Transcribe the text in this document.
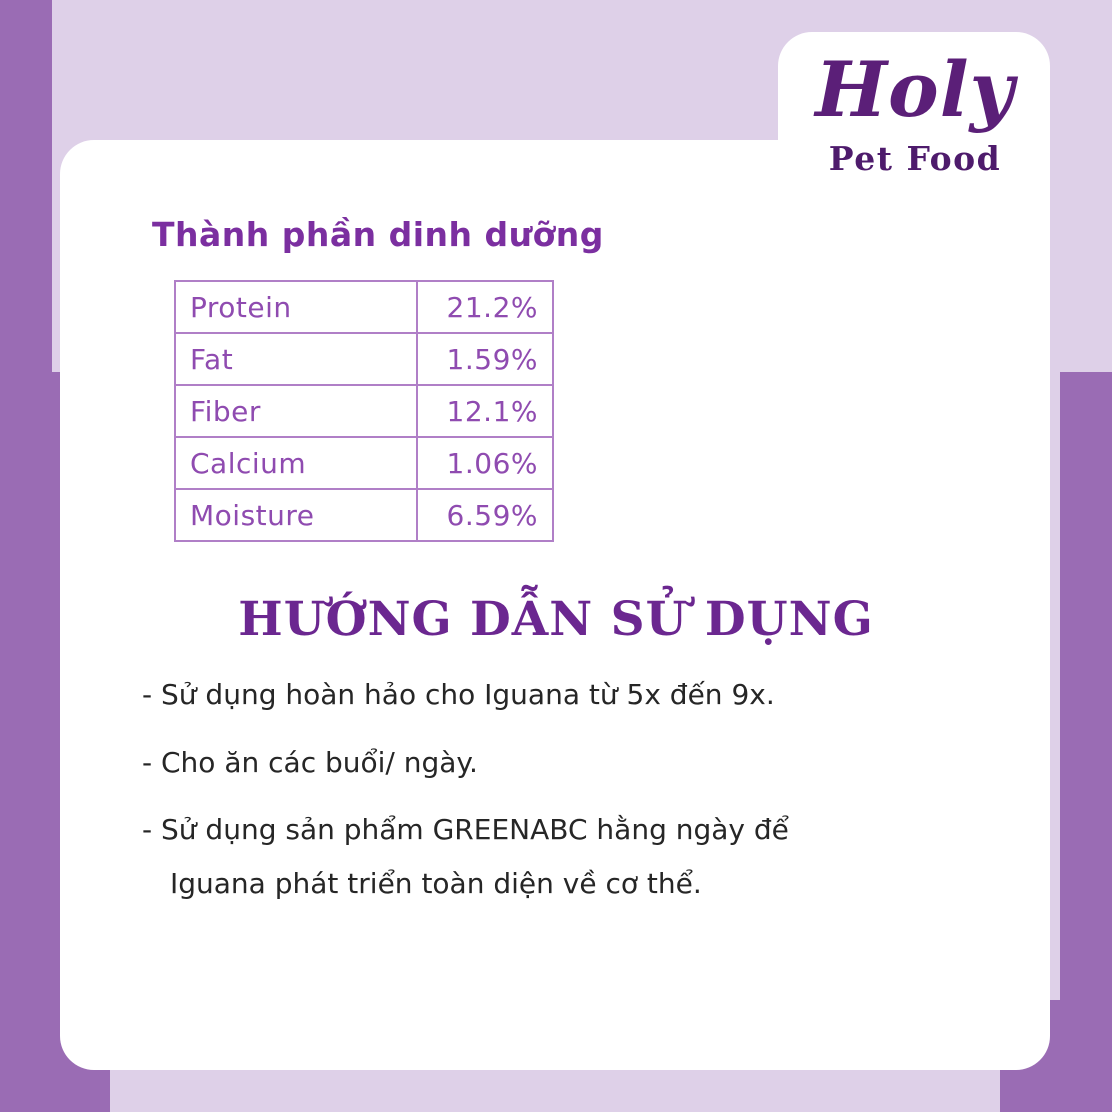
Holy
Pet Food
Thành phần dinh dưỡng
Protein	21.2%
Fat	1.59%
Fiber	12.1%
Calcium	1.06%
Moisture	6.59%
HƯỚNG DẪN SỬ DỤNG
- Sử dụng hoàn hảo cho Iguana từ 5x đến 9x.
- Cho ăn các buổi/ ngày.
- Sử dụng sản phẩm GREENABC hằng ngày để
Iguana phát triển toàn diện về cơ thể.
